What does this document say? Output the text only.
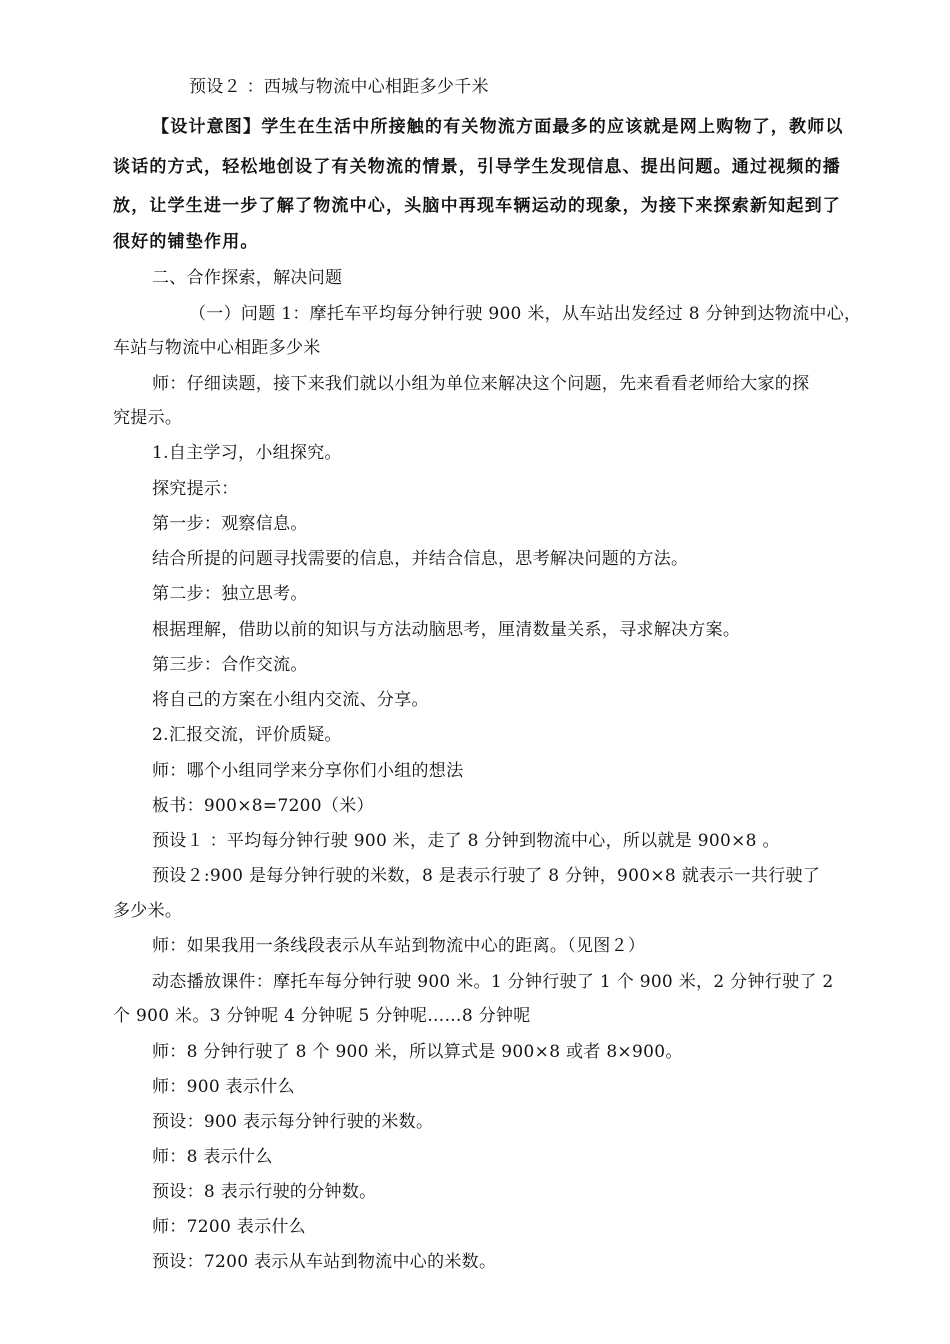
预设２ ：西城与物流中心相距多少千米
【设计意图】学生在生活中所接触的有关物流方面最多的应该就是网上购物了，教师以
谈话的方式，轻松地创设了有关物流的情景，引导学生发现信息、提出问题。通过视频的播
放，让学生进一步了解了物流中心，头脑中再现车辆运动的现象，为接下来探索新知起到了
很好的铺垫作用。
二、合作探索，解决问题
（一）问题 1：摩托车平均每分钟行驶 900 米，从车站出发经过 8 分钟到达物流中心，
车站与物流中心相距多少米
师：仔细读题，接下来我们就以小组为单位来解决这个问题，先来看看老师给大家的探
究提示。
1.自主学习，小组探究。
探究提示：
第一步：观察信息。
结合所提的问题寻找需要的信息，并结合信息，思考解决问题的方法。
第二步：独立思考。
根据理解，借助以前的知识与方法动脑思考，厘清数量关系，寻求解决方案。
第三步：合作交流。
将自己的方案在小组内交流、分享。
2.汇报交流，评价质疑。
师：哪个小组同学来分享你们小组的想法
板书：900×8=7200（米）
预设１ ：平均每分钟行驶 900 米，走了 8 分钟到物流中心，所以就是 900×8 。
预设２:900 是每分钟行驶的米数，8 是表示行驶了 8 分钟，900×8 就表示一共行驶了
多少米。
师：如果我用一条线段表示从车站到物流中心的距离。（见图２）
动态播放课件：摩托车每分钟行驶 900 米。1 分钟行驶了 1 个 900 米，2 分钟行驶了 2
个 900 米。3 分钟呢 4 分钟呢 5 分钟呢……8 分钟呢
师：8 分钟行驶了 8 个 900 米，所以算式是 900×8 或者 8×900。
师：900 表示什么
预设：900 表示每分钟行驶的米数。
师：8 表示什么
预设：8 表示行驶的分钟数。
师：7200 表示什么
预设：7200 表示从车站到物流中心的米数。
